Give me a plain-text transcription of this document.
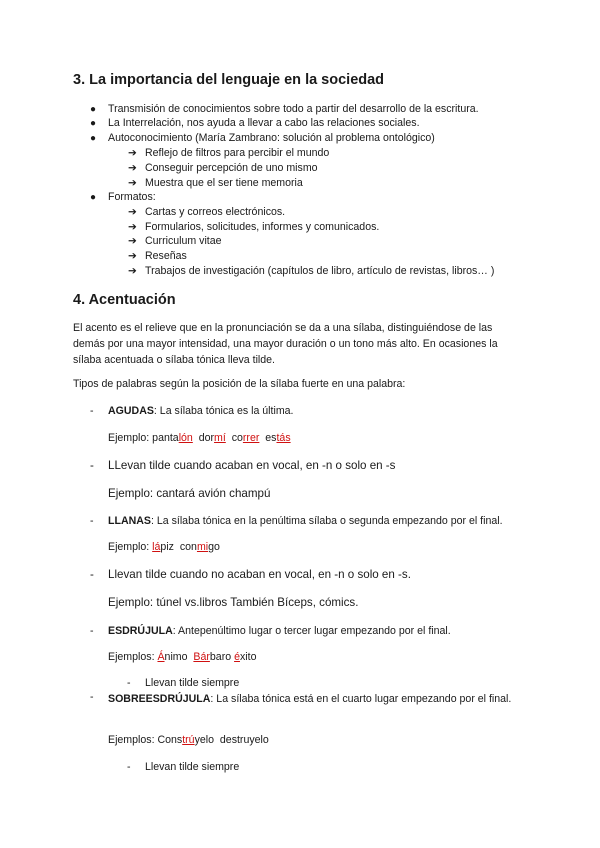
3. La importancia del lenguaje en la sociedad
● Transmisión de conocimientos sobre todo a partir del desarrollo de la escritura.
● La Interrelación, nos ayuda a llevar a cabo las relaciones sociales.
● Autoconocimiento (María Zambrano: solución al problema ontológico)
➔ Reflejo de filtros para percibir el mundo
➔ Conseguir percepción de uno mismo
➔ Muestra que el ser tiene memoria
● Formatos:
➔ Cartas y correos electrónicos.
➔ Formularios, solicitudes, informes y comunicados.
➔ Curriculum vitae
➔ Reseñas
➔ Trabajos de investigación (capítulos de libro, artículo de revistas, libros… )
4. Acentuación
El acento es el relieve que en la pronunciación se da a una sílaba, distinguiéndose de las demás por una mayor intensidad, una mayor duración o un tono más alto. En ocasiones la sílaba acentuada o sílaba tónica lleva tilde.
Tipos de palabras según la posición de la sílaba fuerte en una palabra:
- AGUDAS: La sílaba tónica es la última.
Ejemplo: pantalón dormí correr estás
- LLevan tilde cuando acaban en vocal, en -n o solo en -s
Ejemplo: cantará avión champú
- LLANAS: La sílaba tónica en la penúltima sílaba o segunda empezando por el final.
Ejemplo: lápiz conmigo
- Llevan tilde cuando no acaban en vocal, en -n o solo en -s.
Ejemplo: túnel vs.libros También Bíceps, cómics.
- ESDRÚJULA: Antepenúltimo lugar o tercer lugar empezando por el final.
Ejemplos: Ánimo Bárbaro éxito
- Llevan tilde siempre
- SOBREESDRÚJULA: La sílaba tónica está en el cuarto lugar empezando por el final.
Ejemplos: Constrúyelo destruyelo
- Llevan tilde siempre
